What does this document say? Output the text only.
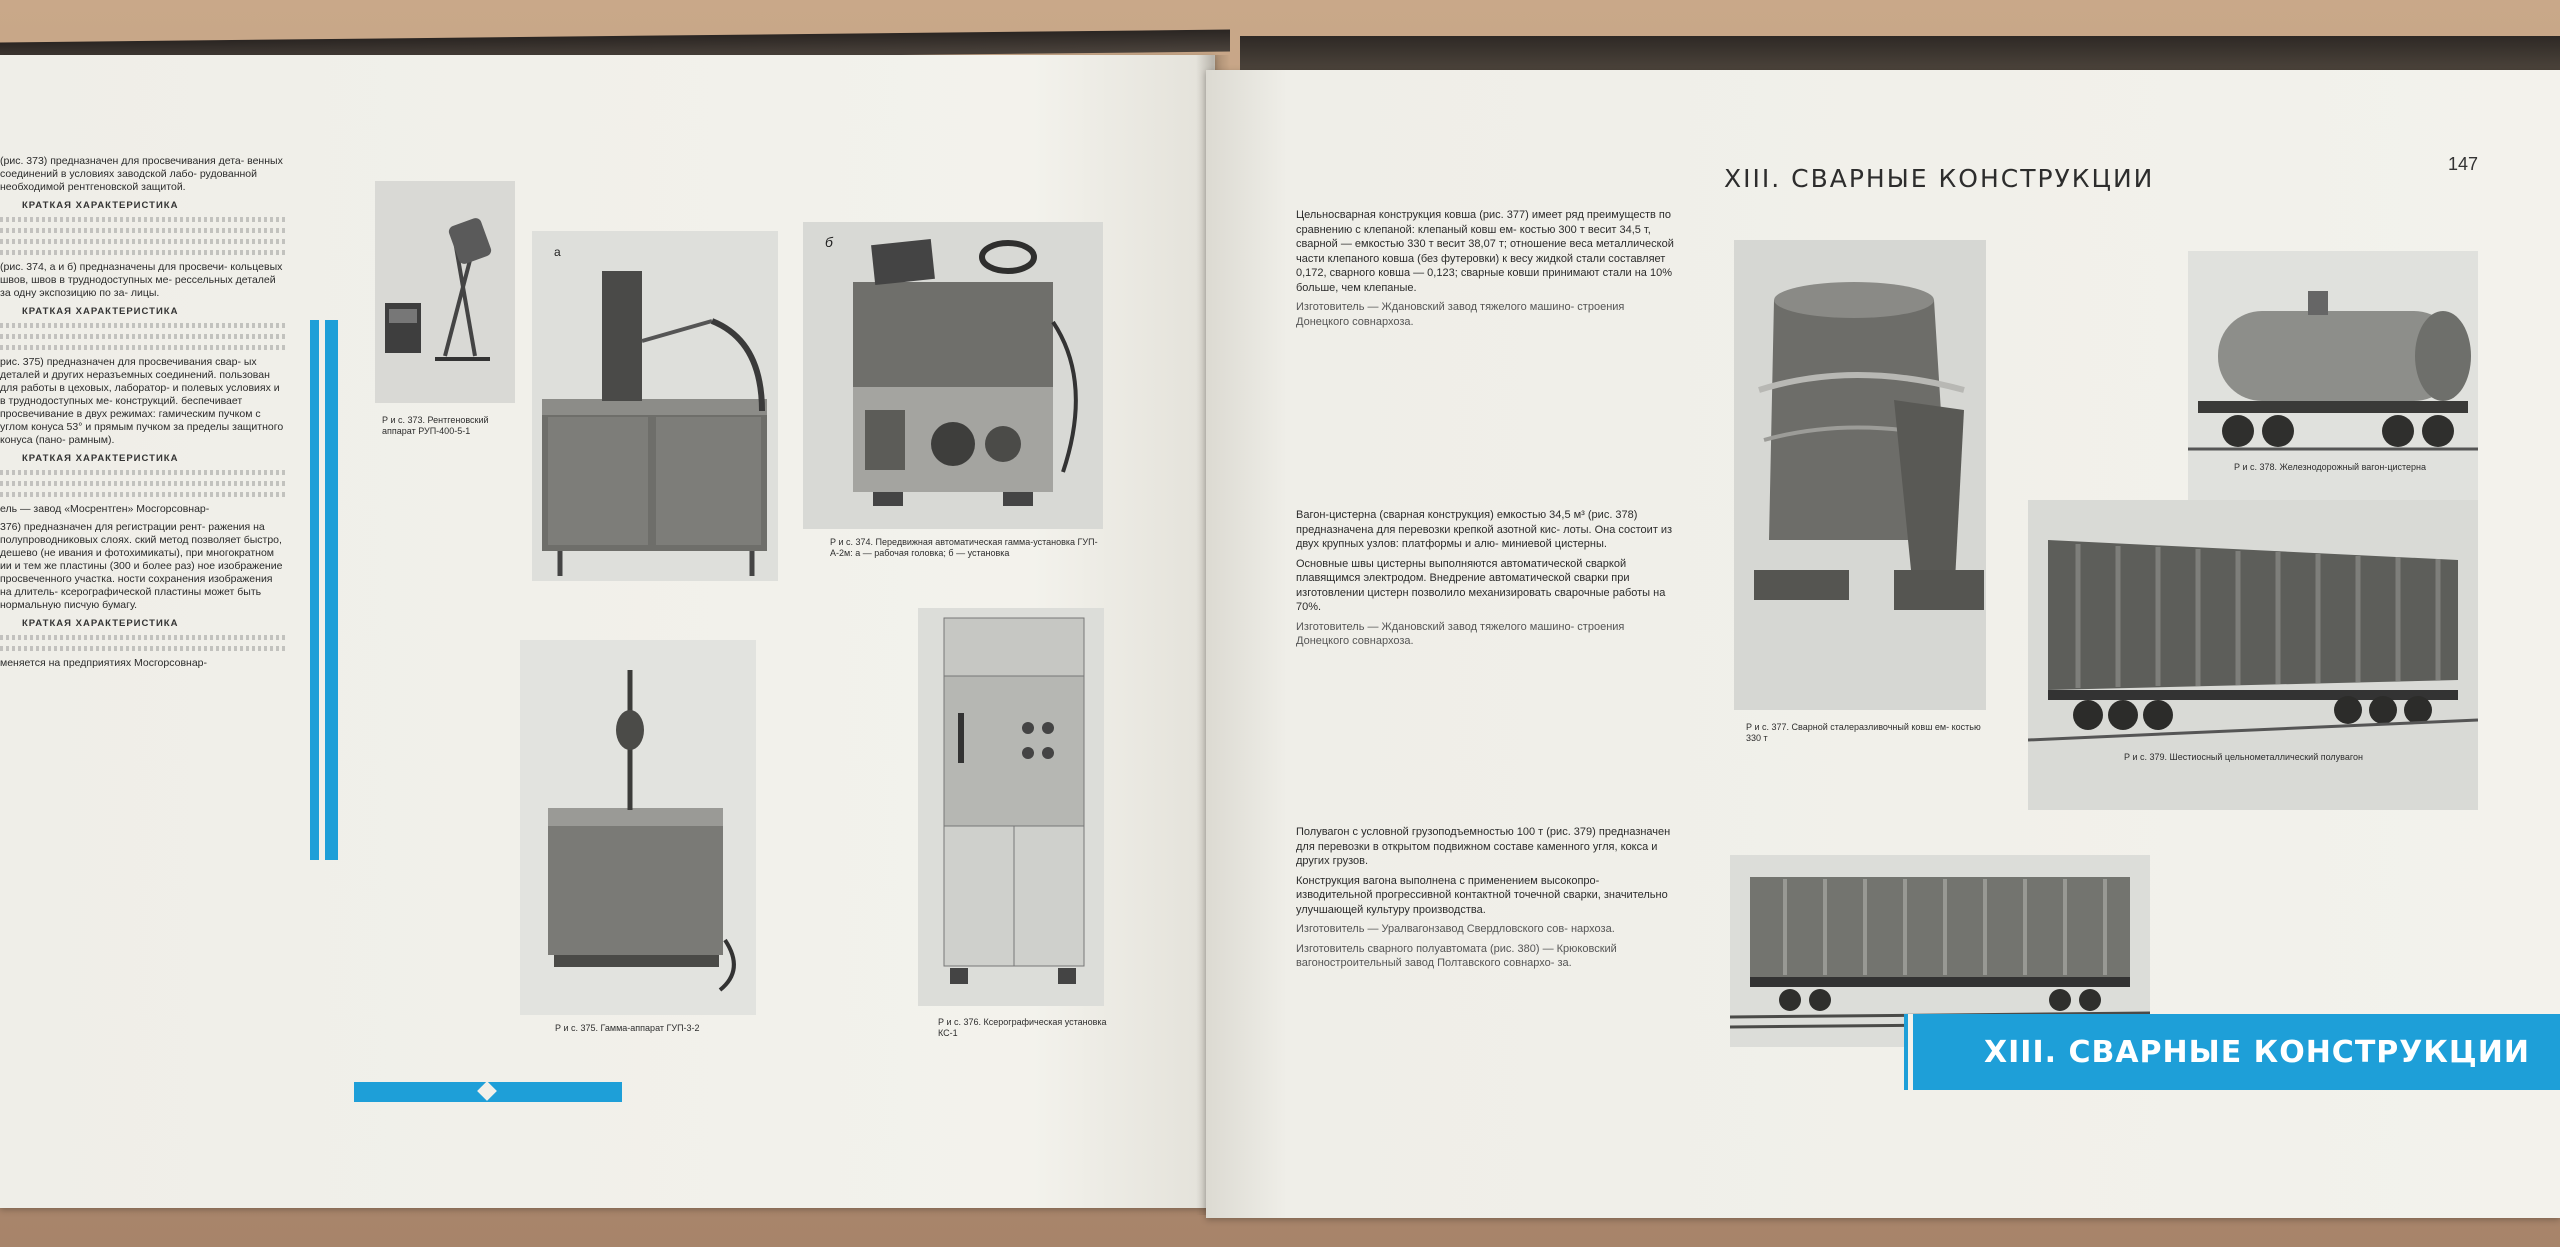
(рис. 373) предназначен для просвечивания дета- венных соединений в условиях заводской лабо- рудованной необходимой рентгеновской защитой.

КРАТКАЯ ХАРАКТЕРИСТИКА

(рис. 374, а и б) предназначены для просвечи- кольцевых швов, швов в труднодоступных ме- рессельных деталей за одну экспозицию по за- лицы.

КРАТКАЯ ХАРАКТЕРИСТИКА

рис. 375) предназначен для просвечивания свар- ых деталей и других неразъемных соединений. пользован для работы в цеховых, лаборатор- и полевых условиях и в труднодоступных ме- конструкций. беспечивает просвечивание в двух режимах: гамическим пучком с углом конуса 53° и прямым пучком за пределы защитного конуса (пано- рамным).

КРАТКАЯ ХАРАКТЕРИСТИКА

ель — завод «Мосрентген» Мосгорсовнар-

376) предназначен для регистрации рент- ражения на полупроводниковых слоях. ский метод позволяет быстро, дешево (не ивания и фотохимикаты), при многократном ии и тем же пластины (300 и более раз) ное изображение просвеченного участка. ности сохранения изображения на длитель- ксерографической пластины может быть нормальную писчую бумагу.

КРАТКАЯ ХАРАКТЕРИСТИКА

меняется на предприятиях Мосгорсовнар-

Р и с. 373. Рентгеновский аппарат РУП-400-5-1
а
б
Р и с. 374. Передвижная автоматическая гамма-установка ГУП-А-2м: а — рабочая головка; б — установка
Р и с. 375. Гамма-аппарат ГУП-3-2
Р и с. 376. Ксерографическая установка КС-1
XIII. СВАРНЫЕ КОНСТРУКЦИИ	147

Цельносварная конструкция ковша (рис. 377) имеет ряд преимуществ по сравнению с клепаной: клепаный ковш ем- костью 300 т весит 34,5 т, сварной — емкостью 330 т весит 38,07 т; отношение веса металлической части клепаного ковша (без футеровки) к весу жидкой стали составляет 0,172, сварного ковша — 0,123; сварные ковши принимают стали на 10% больше, чем клепаные.

Изготовитель — Ждановский завод тяжелого машино- строения Донецкого совнархоза.

Вагон-цистерна (сварная конструкция) емкостью 34,5 м³ (рис. 378) предназначена для перевозки крепкой азотной кис- лоты. Она состоит из двух крупных узлов: платформы и алю- миниевой цистерны.

Основные швы цистерны выполняются автоматической сваркой плавящимся электродом. Внедрение автоматической сварки при изготовлении цистерн позволило механизировать сварочные работы на 70%.

Изготовитель — Ждановский завод тяжелого машино- строения Донецкого совнархоза.

Полувагон с условной грузоподъемностью 100 т (рис. 379) предназначен для перевозки в открытом подвижном составе каменного угля, кокса и других грузов.

Конструкция вагона выполнена с применением высокопро- изводительной прогрессивной контактной точечной сварки, значительно улучшающей культуру производства.

Изготовитель — Уралвагонзавод Свердловского сов- нархоза.

Изготовитель сварного полуавтомата (рис. 380) — Крюковский вагоностроительный завод Полтавского совнархо- за.

Р и с. 377. Сварной сталеразливочный ковш ем- костью 330 т
Р и с. 378. Железнодорожный вагон-цистерна
Р и с. 379. Шестиосный цельнометаллический полувагон
XIII. СВАРНЫЕ КОНСТРУКЦИИ
